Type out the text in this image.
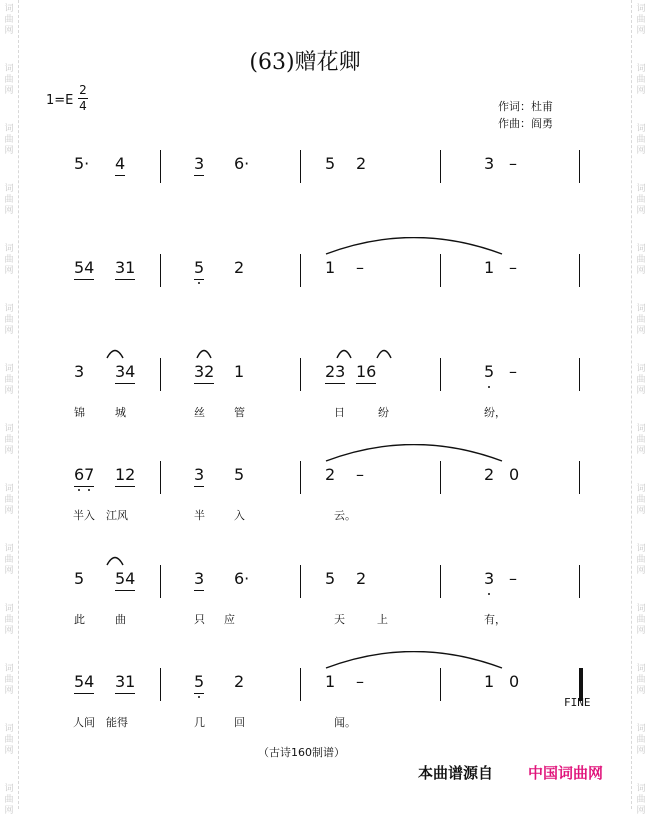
词
曲
网
词
曲
网
词
曲
网
词
曲
网
词
曲
网
词
曲
网
词
曲
网
词
曲
网
词
曲
网
词
曲
网
词
曲
网
词
曲
网
词
曲
网
词
曲
网
词
曲
网
词
曲
网
词
曲
网
词
曲
网
词
曲
网
词
曲
网
词
曲
网
词
曲
网
词
曲
网
词
曲
网
词
曲
网
词
曲
网
词
曲
网
词
曲
网
(63)赠花卿
1=E
2
4	作词：杜甫
作曲：阎勇
5· 4	3 6·	5 2	3 –
54 31	5 2	1 –	1 –
3 34	32 1	23 16	5 –
锦	城	丝	管	日	纷	纷，
67 12	3 5	2 –	2 0
半入 江风	半	入	云。
5 54	3 6·	5 2	3 –
此	曲	只 应	天	上	有，
54 31	5 2	1 –	1 0
人间 能得	几	回	闻。
FINE
（古诗160制谱）
本曲谱源自 中国词曲网
